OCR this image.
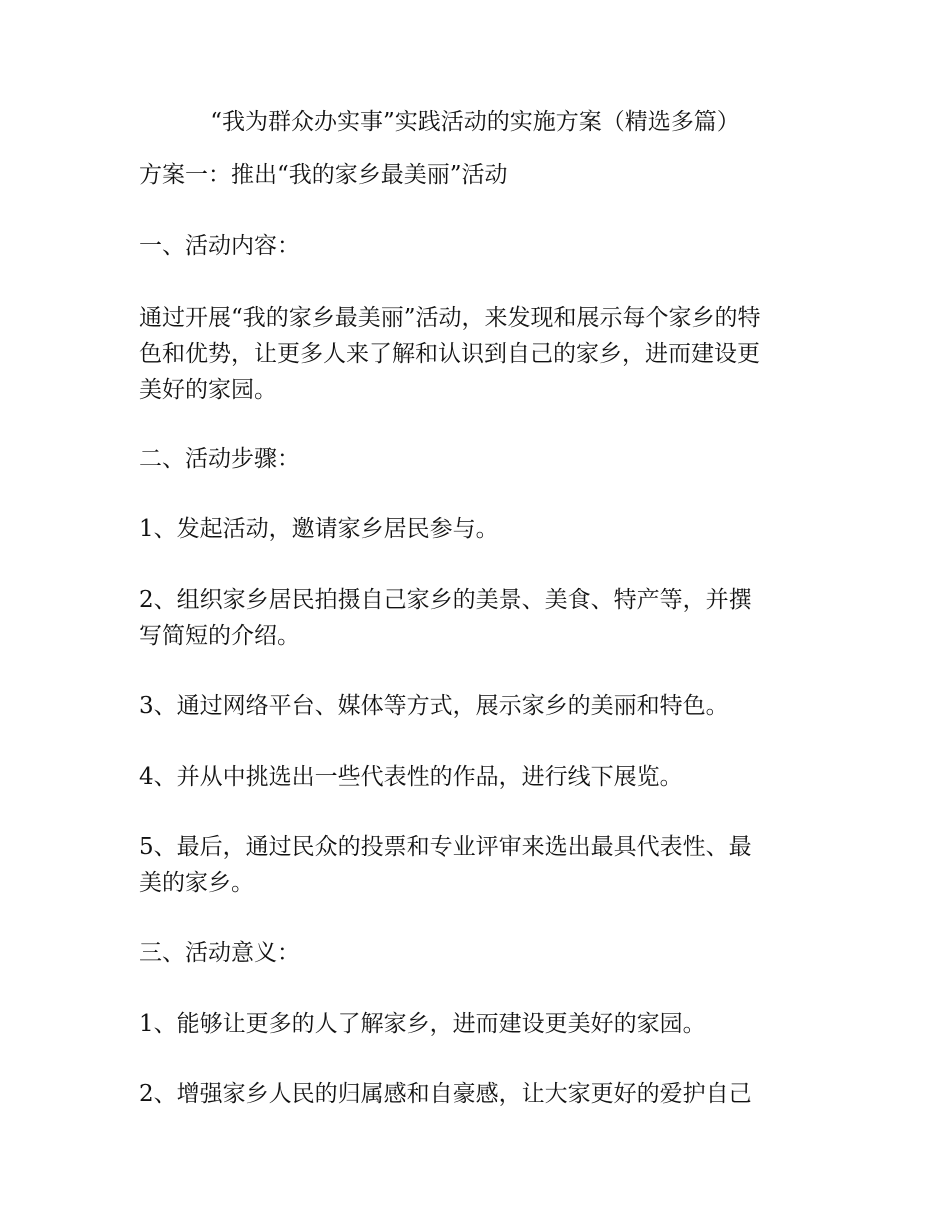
“我为群众办实事”实践活动的实施方案（精选多篇）
方案一：推出“我的家乡最美丽”活动
一、活动内容：
通过开展“我的家乡最美丽”活动，来发现和展示每个家乡的特
色和优势，让更多人来了解和认识到自己的家乡，进而建设更
美好的家园。
二、活动步骤：
1、发起活动，邀请家乡居民参与。
2、组织家乡居民拍摄自己家乡的美景、美食、特产等，并撰
写简短的介绍。
3、通过网络平台、媒体等方式，展示家乡的美丽和特色。
4、并从中挑选出一些代表性的作品，进行线下展览。
5、最后，通过民众的投票和专业评审来选出最具代表性、最
美的家乡。
三、活动意义：
1、能够让更多的人了解家乡，进而建设更美好的家园。
2、增强家乡人民的归属感和自豪感，让大家更好的爱护自己
